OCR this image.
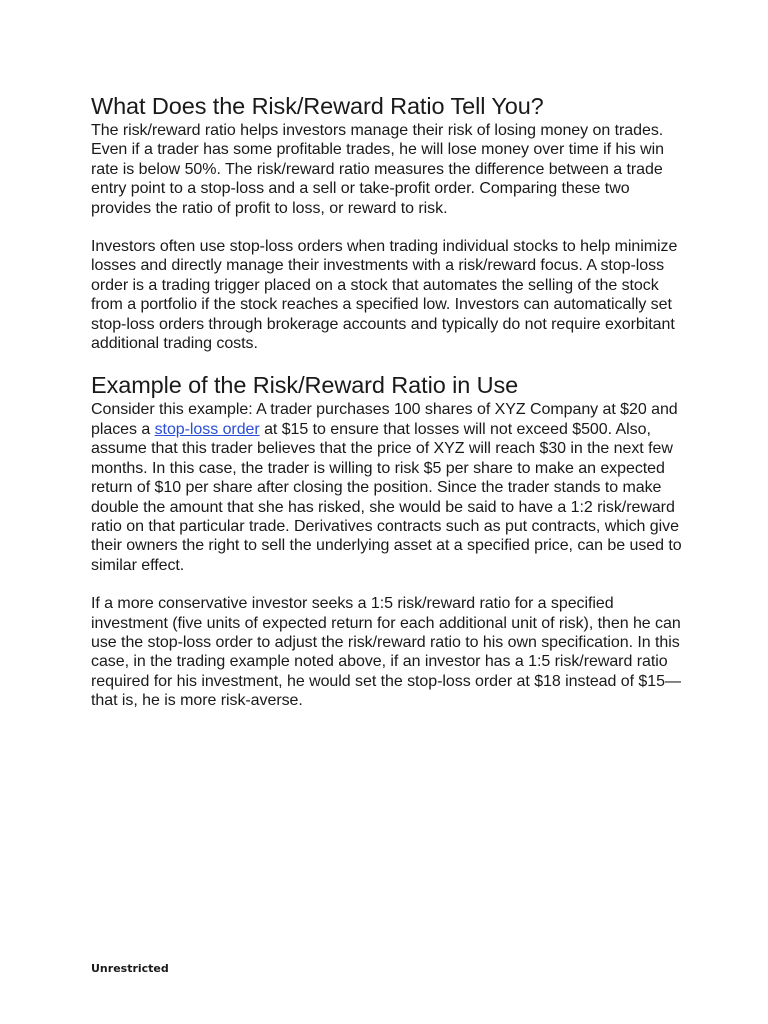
What Does the Risk/Reward Ratio Tell You?

The risk/reward ratio helps investors manage their risk of losing money on trades. Even if a trader has some profitable trades, he will lose money over time if his win rate is below 50%. The risk/reward ratio measures the difference between a trade entry point to a stop-loss and a sell or take-profit order. Comparing these two provides the ratio of profit to loss, or reward to risk.

Investors often use stop-loss orders when trading individual stocks to help minimize losses and directly manage their investments with a risk/reward focus. A stop-loss order is a trading trigger placed on a stock that automates the selling of the stock from a portfolio if the stock reaches a specified low. Investors can automatically set stop-loss orders through brokerage accounts and typically do not require exorbitant additional trading costs.

Example of the Risk/Reward Ratio in Use

Consider this example: A trader purchases 100 shares of XYZ Company at $20 and places a stop-loss order at $15 to ensure that losses will not exceed $500. Also, assume that this trader believes that the price of XYZ will reach $30 in the next few months. In this case, the trader is willing to risk $5 per share to make an expected return of $10 per share after closing the position. Since the trader stands to make double the amount that she has risked, she would be said to have a 1:2 risk/reward ratio on that particular trade. Derivatives contracts such as put contracts, which give their owners the right to sell the underlying asset at a specified price, can be used to similar effect.

If a more conservative investor seeks a 1:5 risk/reward ratio for a specified investment (five units of expected return for each additional unit of risk), then he can use the stop-loss order to adjust the risk/reward ratio to his own specification. In this case, in the trading example noted above, if an investor has a 1:5 risk/reward ratio required for his investment, he would set the stop-loss order at $18 instead of $15—that is, he is more risk-averse.

Unrestricted
